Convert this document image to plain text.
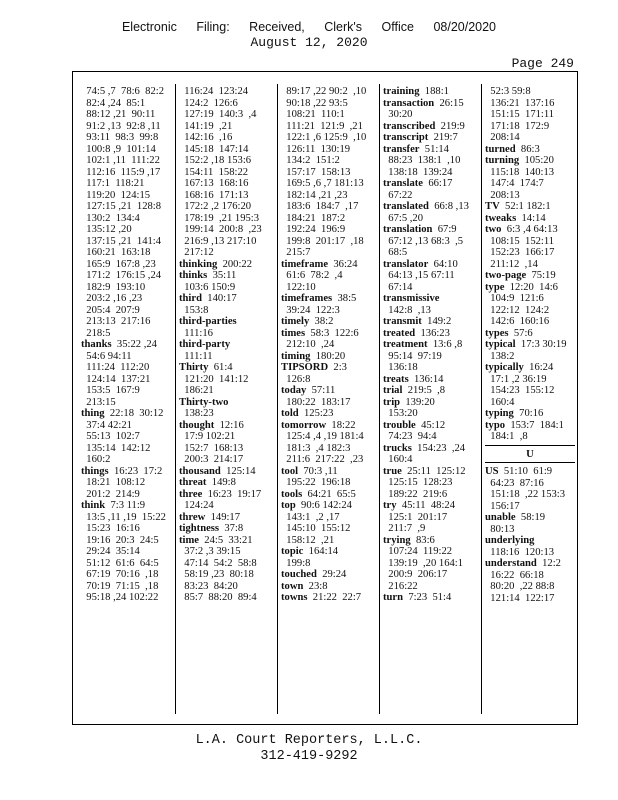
Electronic Filing: Received, Clerk's Office 08/20/2020
August 12, 2020
Page 249
74:5 ,7  78:6  82:2
82:4 ,24  85:1
88:12 ,21  90:11
91:2 ,13  92:8 ,11
93:11  98:3  99:8
100:8 ,9  101:14
102:1 ,11  111:22
112:16  115:9 ,17
117:1  118:21
119:20  124:15
127:15 ,21  128:8
130:2  134:4
135:12 ,20
137:15 ,21  141:4
160:21  163:18
165:9  167:8 ,23
171:2  176:15 ,24
182:9  193:10
203:2 ,16 ,23
205:4  207:9
213:13  217:16
218:5
thanks  35:22 ,24
54:6 94:11
111:24  112:20
124:14  137:21
153:5  167:9
213:15
thing  22:18  30:12
37:4 42:21
55:13  102:7
135:14  142:12
160:2
things  16:23  17:2
18:21  108:12
201:2  214:9
think  7:3 11:9
13:5 ,11 ,19  15:22
15:23  16:16
19:16  20:3  24:5
29:24  35:14
51:12  61:6  64:5
67:19  70:16  ,18
70:19  71:15  ,18
95:18 ,24 102:22
116:24  123:24
124:2  126:6
127:19  140:3  ,4
141:19  ,21
142:16  ,16
145:18  147:14
152:2 ,18 153:6
154:11  158:22
167:13  168:16
168:16  171:13
172:2 ,2 176:20
178:19  ,21 195:3
199:14  200:8  ,23
216:9 ,13 217:10
217:12
thinking  200:22
thinks  35:11
103:6 150:9
third  140:17
153:8
third-parties
111:16
third-party
111:11
Thirty  61:4
121:20  141:12
186:21
Thirty-two
138:23
thought  12:16
17:9 102:21
152:7  168:13
200:3  214:17
thousand  125:14
threat  149:8
three  16:23  19:17
124:24
threw  149:17
tightness  37:8
time  24:5  33:21
37:2 ,3 39:15
47:14  54:2  58:8
58:19 ,23  80:18
83:23  84:20
85:7  88:20  89:4
89:17 ,22 90:2  ,10
90:18 ,22 93:5
108:21  110:1
111:21  121:9  ,21
122:1 ,6 125:9  ,10
126:11  130:19
134:2  151:2
157:17  158:13
169:5 ,6 ,7 181:13
182:14 ,21 ,23
183:6  184:7  ,17
184:21  187:2
192:24  196:9
199:8  201:17  ,18
215:7
timeframe  36:24
61:6  78:2  ,4
122:10
timeframes  38:5
39:24  122:3
timely  38:2
times  58:3  122:6
212:10  ,24
timing  180:20
TIPSORD  2:3
126:8
today  57:11
180:22  183:17
told  125:23
tomorrow  18:22
125:4 ,4 ,19 181:4
181:3  ,4 182:3
211:6  217:22  ,23
tool  70:3 ,11
195:22  196:18
tools  64:21  65:5
top  90:6 142:24
143:1  ,2 ,17
145:10  155:12
158:12  ,21
topic  164:14
199:8
touched  29:24
town  23:8
towns  21:22  22:7
training  188:1
transaction  26:15
30:20
transcribed  219:9
transcript  219:7
transfer  51:14
88:23  138:1  ,10
138:18  139:24
translate  66:17
67:22
translated  66:8 ,13
67:5 ,20
translation  67:9
67:12 ,13 68:3  ,5
68:5
translator  64:10
64:13 ,15 67:11
67:14
transmissive
142:8  ,13
transmit  149:2
treated  136:23
treatment  13:6 ,8
95:14  97:19
136:18
treats  136:14
trial  219:5  ,8
trip  139:20
153:20
trouble  45:12
74:23  94:4
trucks  154:23  ,24
160:4
true  25:11  125:12
125:15  128:23
189:22  219:6
try  45:11  48:24
125:1  201:17
211:7  ,9
trying  83:6
107:24  119:22
139:19  ,20 164:1
200:9  206:17
216:22
turn  7:23  51:4
52:3 59:8
136:21  137:16
151:15  171:11
171:18  172:9
208:14
turned  86:3
turning  105:20
115:18  140:13
147:4  174:7
208:13
TV  52:1 182:1
tweaks  14:14
two  6:3 ,4 64:13
108:15  152:11
152:23  166:17
211:12  ,14
two-page  75:19
type  12:20  14:6
104:9  121:6
122:12  124:2
142:6  160:16
types  57:6
typical  17:3 30:19
138:2
typically  16:24
17:1 ,2 36:19
154:23  155:12
160:4
typing  70:16
typo  153:7  184:1
184:1  ,8
U
US  51:10  61:9
64:23  87:16
151:18  ,22 153:3
156:17
unable  58:19
80:13
underlying
118:16  120:13
understand  12:2
16:22  66:18
80:20  ,22 88:8
121:14  122:17
L.A. Court Reporters, L.L.C.
312-419-9292
